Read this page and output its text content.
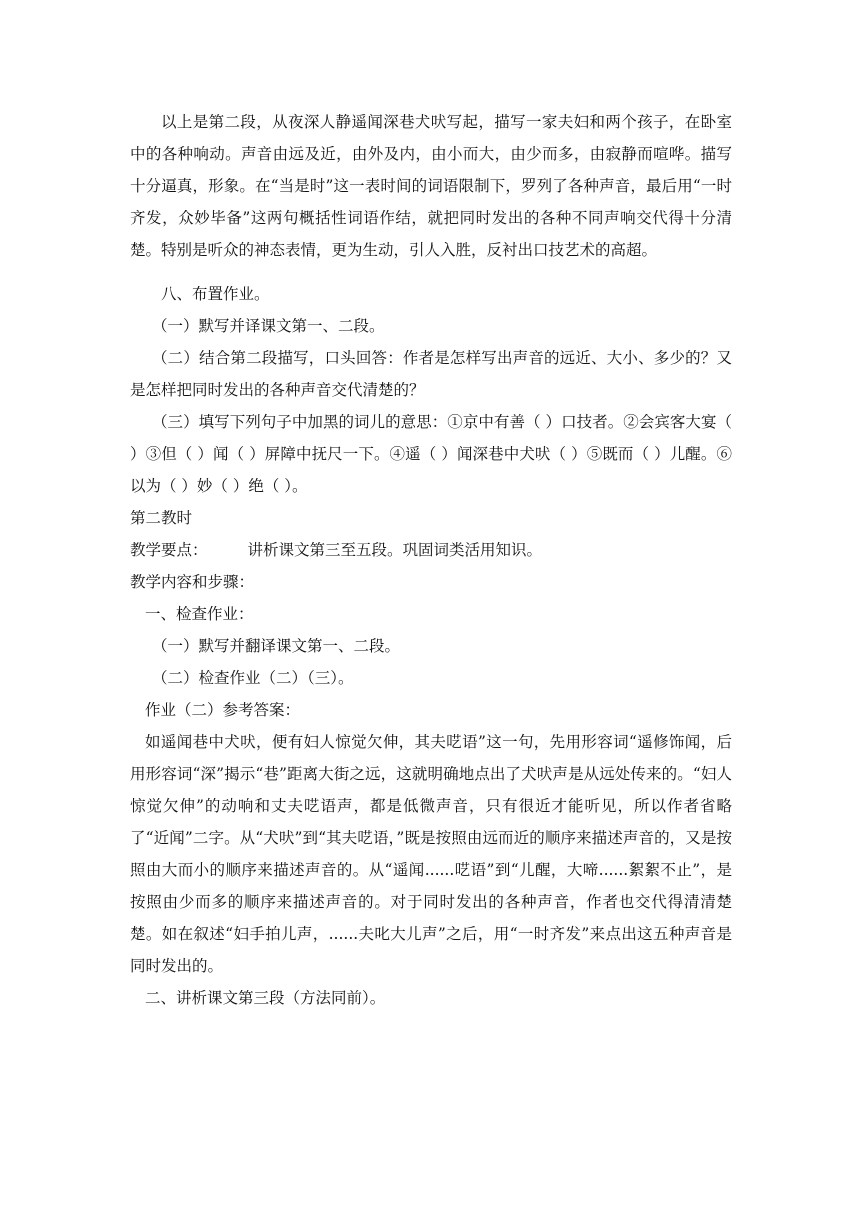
以上是第二段，从夜深人静遥闻深巷犬吠写起，描写一家夫妇和两个孩子，在卧室中的各种响动。声音由远及近，由外及内，由小而大，由少而多，由寂静而喧哗。描写十分逼真，形象。在“当是时”这一表时间的词语限制下，罗列了各种声音，最后用“一时齐发，众妙毕备”这两句概括性词语作结，就把同时发出的各种不同声响交代得十分清楚。特别是听众的神态表情，更为生动，引人入胜，反衬出口技艺术的高超。

八、布置作业。

（一）默写并译课文第一、二段。

（二）结合第二段描写，口头回答：作者是怎样写出声音的远近、大小、多少的？又是怎样把同时发出的各种声音交代清楚的？

（三）填写下列句子中加黑的词儿的意思：①京中有善（ ）口技者。②会宾客大宴（ ）③但（ ）闻（ ）屏障中抚尺一下。④遥（ ）闻深巷中犬吠（ ）⑤既而（ ）儿醒。⑥以为（ ）妙（ ）绝（ ）。

第二教时

教学要点：	讲析课文第三至五段。巩固词类活用知识。

教学内容和步骤：

一、检查作业：

（一）默写并翻译课文第一、二段。

（二）检查作业（二）（三）。

作业（二）参考答案：

如遥闻巷中犬吠，便有妇人惊觉欠伸，其夫呓语”这一句，先用形容词“遥修饰闻，后用形容词“深”揭示“巷”距离大街之远，这就明确地点出了犬吠声是从远处传来的。“妇人惊觉欠伸”的动响和丈夫呓语声，都是低微声音，只有很近才能听见，所以作者省略了“近闻”二字。从“犬吠”到“其夫呓语，”既是按照由远而近的顺序来描述声音的，又是按照由大而小的顺序来描述声音的。从“遥闻......呓语”到“儿醒，大啼......絮絮不止”，是按照由少而多的顺序来描述声音的。对于同时发出的各种声音，作者也交代得清清楚楚。如在叙述“妇手拍儿声，......夫叱大儿声”之后，用“一时齐发”来点出这五种声音是同时发出的。

二、讲析课文第三段（方法同前）。
